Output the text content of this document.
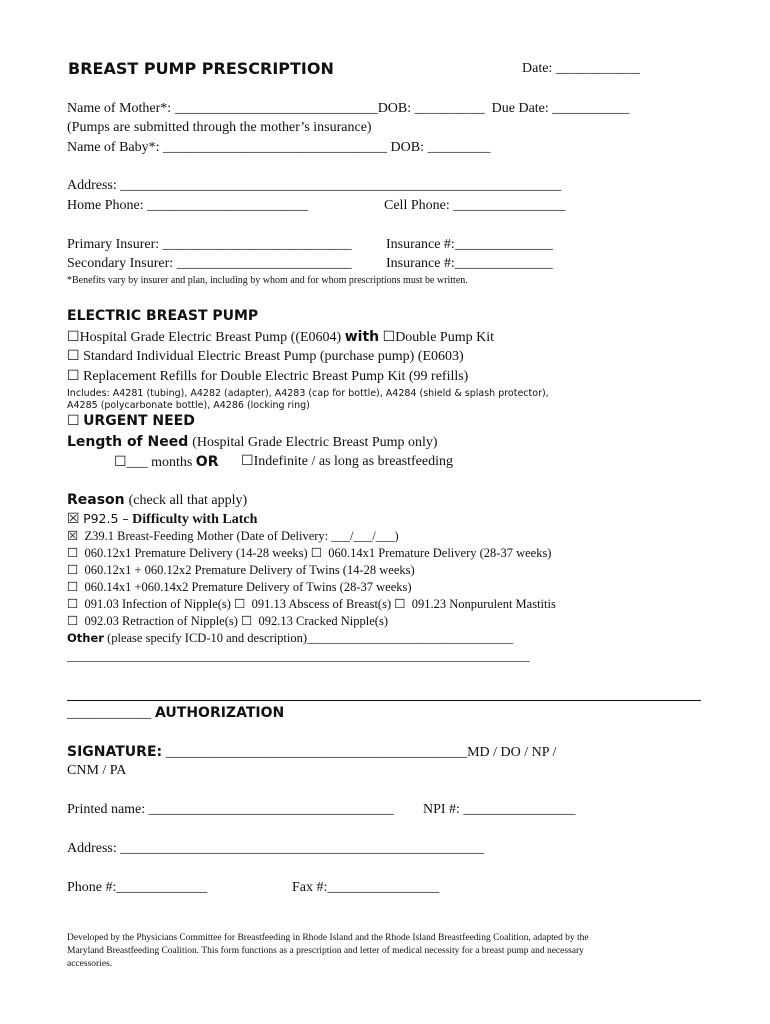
BREAST PUMP PRESCRIPTION	Date: ____________
Name of Mother*: _____________________________DOB: __________  Due Date: ___________
(Pumps are submitted through the mother’s insurance)
Name of Baby*: ________________________________ DOB: _________
Address: _______________________________________________________________
Home Phone: _______________________	Cell Phone: ________________
Primary Insurer: ___________________________ Insurance #:______________
Secondary Insurer: _________________________ Insurance #:______________
*Benefits vary by insurer and plan, including by whom and for whom prescriptions must be written.
ELECTRIC BREAST PUMP
☐Hospital Grade Electric Breast Pump ((E0604) with ☐Double Pump Kit
☐ Standard Individual Electric Breast Pump (purchase pump) (E0603)
☐ Replacement Refills for Double Electric Breast Pump Kit (99 refills)
Includes: A4281 (tubing), A4282 (adapter), A4283 (cap for bottle), A4284 (shield & splash protector),
A4285 (polycarbonate bottle), A4286 (locking ring)
☐ URGENT NEED
Length of Need (Hospital Grade Electric Breast Pump only)
☐___ months OR ☐Indefinite / as long as breastfeeding
Reason (check all that apply)
☒ P92.5 – Difficulty with Latch
☒ Z39.1 Breast-Feeding Mother (Date of Delivery: ___/___/___)
☐ 060.12x1 Premature Delivery (14-28 weeks) ☐ 060.14x1 Premature Delivery (28-37 weeks)
☐ 060.12x1 + 060.12x2 Premature Delivery of Twins (14-28 weeks)
☐ 060.14x1 +060.14x2 Premature Delivery of Twins (28-37 weeks)
☐ 091.03 Infection of Nipple(s) ☐ 091.13 Abscess of Breast(s) ☐ 091.23 Nonpurulent Mastitis
☐ 092.03 Retraction of Nipple(s) ☐ 092.13 Cracked Nipple(s)
Other (please specify ICD-10 and description)_________________________________
__________________________________________________________________________
____________ AUTHORIZATION
SIGNATURE: ___________________________________________MD / DO / NP /
CNM / PA
Printed name: ___________________________________ NPI #: ________________
Address: ____________________________________________________
Phone #:_____________	Fax #:________________
Developed by the Physicians Committee for Breastfeeding in Rhode Island and the Rhode Island Breastfeeding Coalition, adapted by the
Maryland Breastfeeding Coalition. This form functions as a prescription and letter of medical necessity for a breast pump and necessary
accessories.
